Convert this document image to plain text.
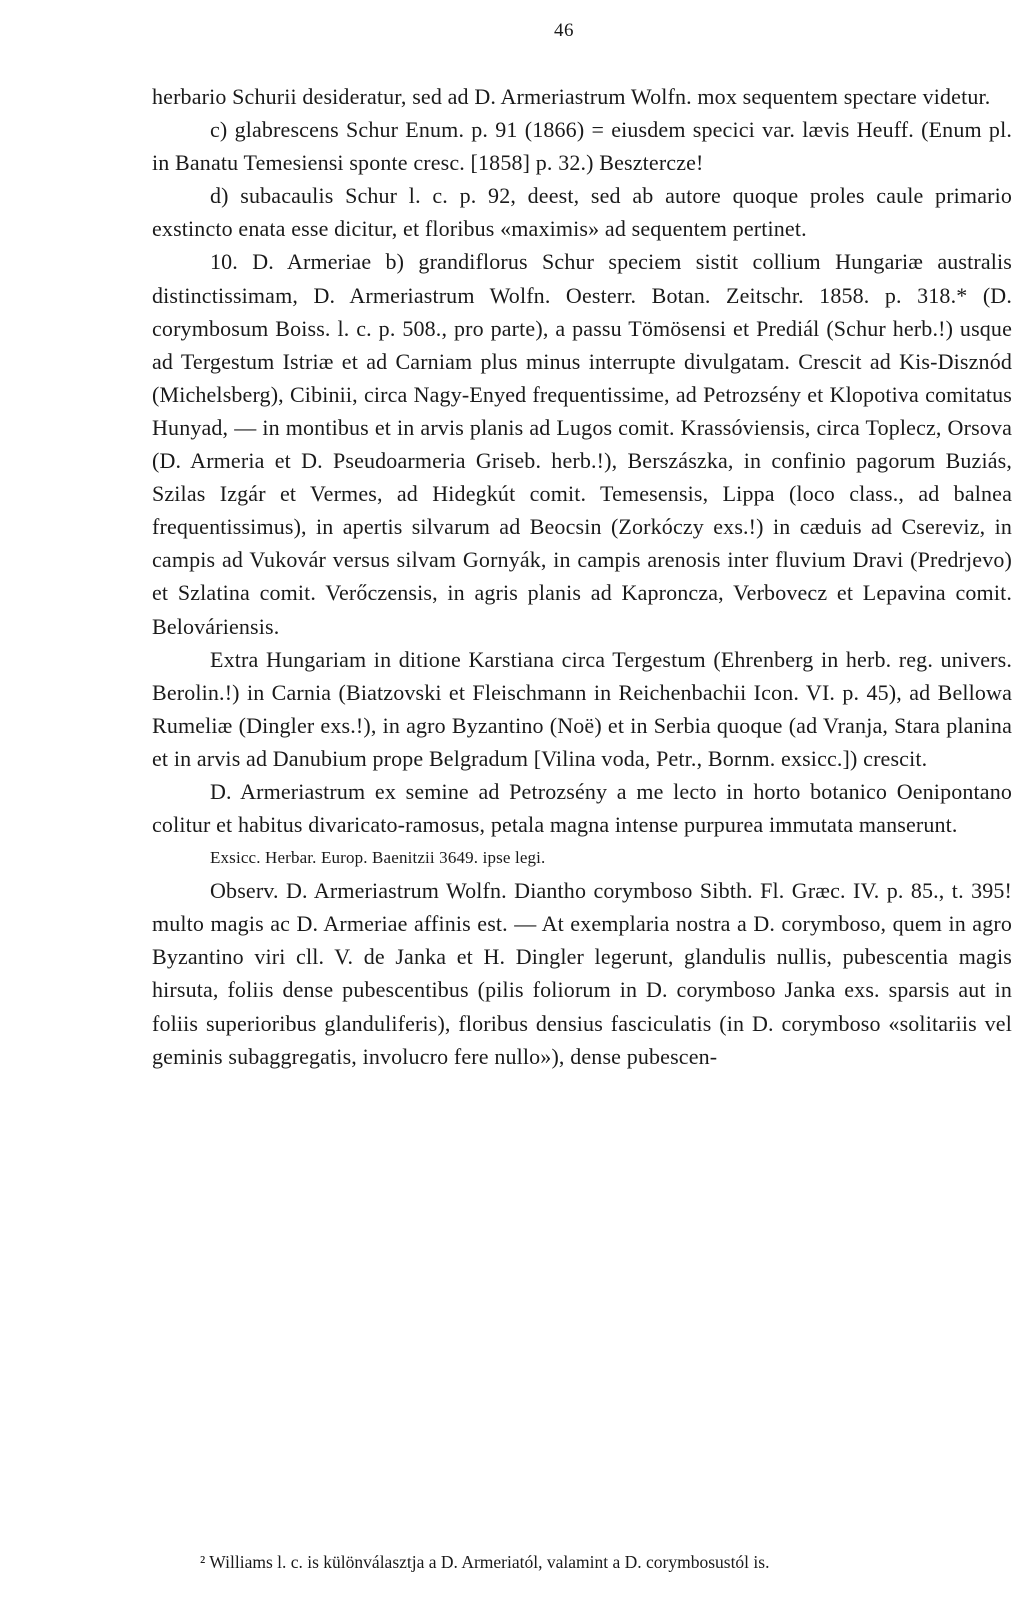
46

herbario Schurii desideratur, sed ad D. Armeriastrum Wolfn. mox sequentem spectare videtur.

c) glabrescens Schur Enum. p. 91 (1866) = eiusdem specici var. lævis Heuff. (Enum pl. in Banatu Temesiensi sponte cresc. [1858] p. 32.) Beszterczе!

d) subacaulis Schur l. c. p. 92, deest, sed ab autore quoque proles caule primario exstincto enata esse dicitur, et floribus «maximis» ad sequentem pertinet.

10. D. Armeriae b) grandiflorus Schur speciem sistit collium Hungariæ australis distinctissimam, D. Armeriastrum Wolfn. Oesterr. Botan. Zeitschr. 1858. p. 318.* (D. corymbosum Boiss. l. c. p. 508., pro parte), a passu Tömösensi et Prediál (Schur herb.!) usque ad Tergestum Istriæ et ad Carniam plus minus interrupte divulgatam. Crescit ad Kis-Disznód (Michelsberg), Cibinii, circa Nagy-Enyed frequentissime, ad Petrozsény et Klopotiva comitatus Hunyad, — in montibus et in arvis planis ad Lugos comit. Krassóviensis, circa Toplecz, Orsova (D. Armeria et D. Pseudoarmeria Griseb. herb.!), Berszászka, in confinio pagorum Buziás, Szilas Izgár et Vermes, ad Hidegkút comit. Temesensis, Lippa (loco class., ad balnea frequentissimus), in apertis silvarum ad Beocsin (Zorkóczy exs.!) in cæduis ad Csereviz, in campis ad Vukovár versus silvam Gornyák, in campis arenosis inter fluvium Dravi (Predrjevo) et Szlatina comit. Verőczensis, in agris planis ad Kapronсza, Verbovecz et Lepavina comit. Belováriensis.

Extra Hungariam in ditione Karstiana circa Tergestum (Ehrenberg in herb. reg. univers. Berolin.!) in Carnia (Biatzovski et Fleischmann in Reichenbachii Icon. VI. p. 45), ad Bellowa Rumeliæ (Dingler exs.!), in agro Byzantino (Noë) et in Serbia quoque (ad Vranja, Stara planina et in arvis ad Danubium prope Belgradum [Vilina voda, Petr., Bornm. exsicc.]) crescit.

D. Armeriastrum ex semine ad Petrozsény a me lecto in horto botanico Oenipontano colitur et habitus divaricato-ramosus, petala magna intense purpurea immutata manserunt.

Exsicc. Herbar. Europ. Baenitzii 3649. ipse legi.

Observ. D. Armeriastrum Wolfn. Diantho corymboso Sibth. Fl. Græc. IV. p. 85., t. 395! multo magis ac D. Armeriae affinis est. — At exemplaria nostra a D. corymboso, quem in agro Byzantino viri cll. V. de Janka et H. Dingler legerunt, glandulis nullis, pubescentia magis hirsuta, foliis dense pubescentibus (pilis foliorum in D. corymboso Janka exs. sparsis aut in foliis superioribus glanduliferis), floribus densius fasciculatis (in D. corymboso «solitariis vel geminis subaggregatis, involucro fere nullo»), dense pubescen-

² Williams l. c. is különválasztja a D. Armeriatól, valamint a D. corymbosustól is.
